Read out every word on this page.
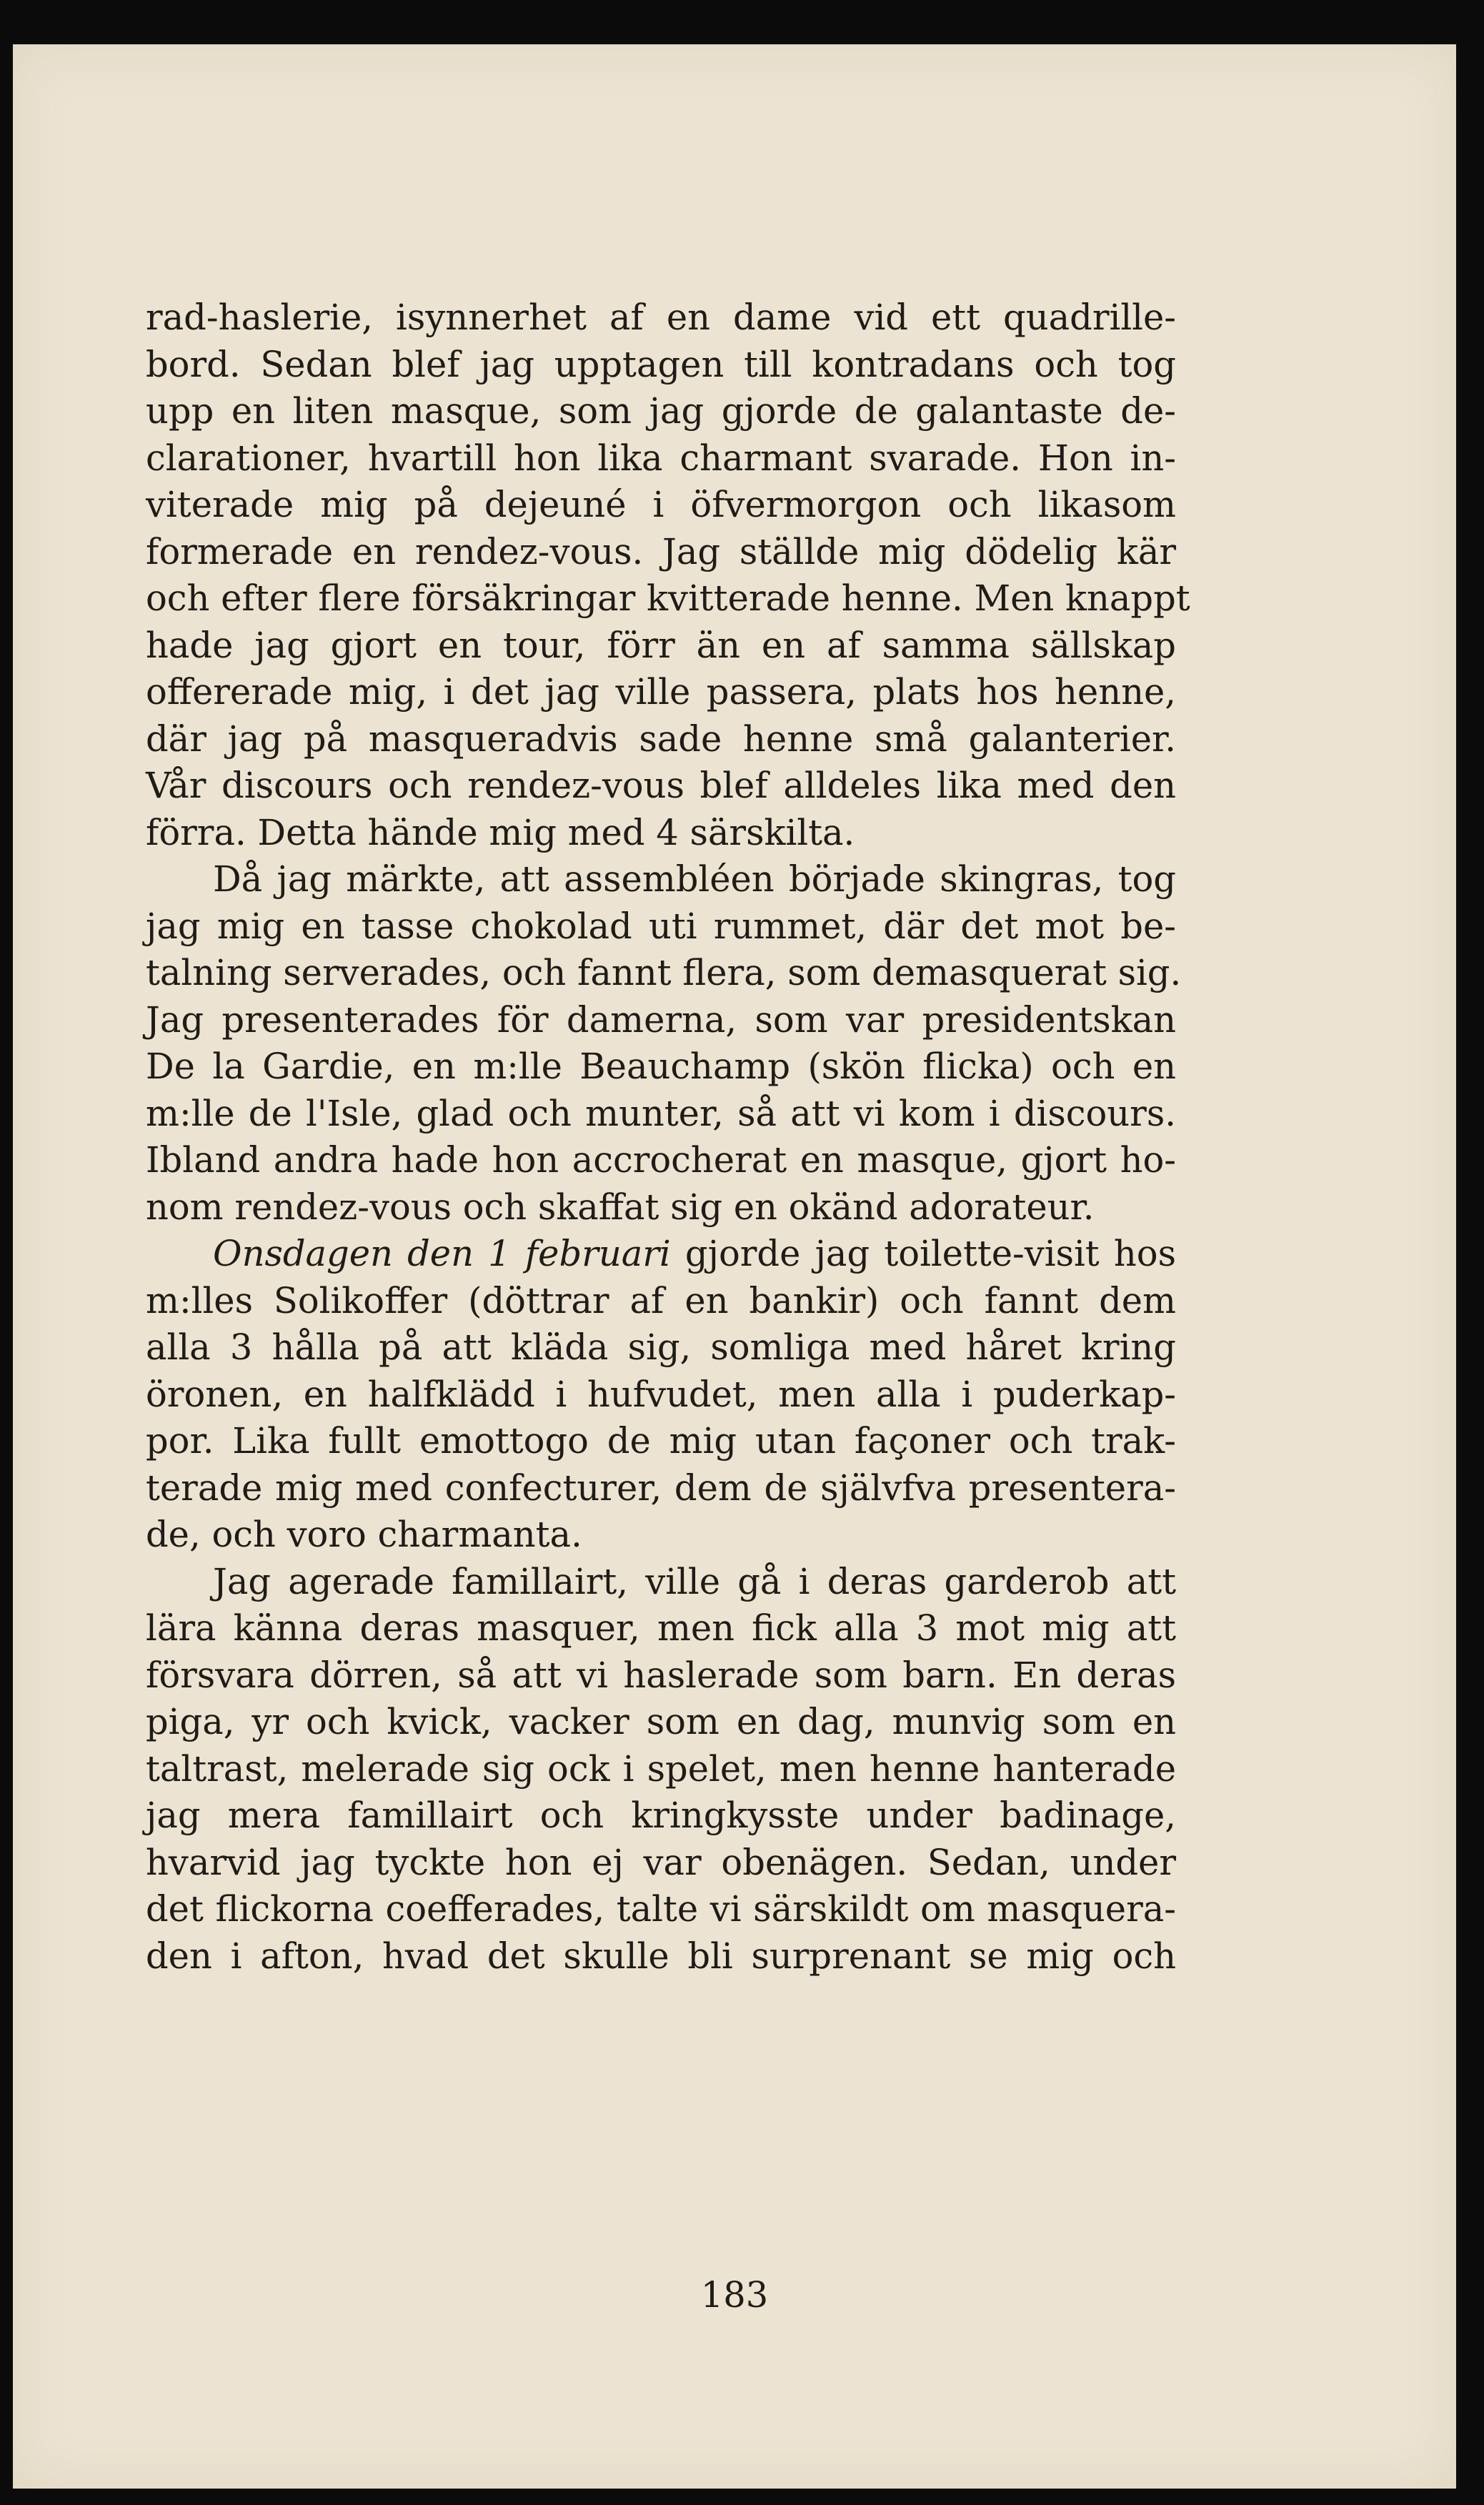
rad-haslerie, isynnerhet af en dame vid ett quadrille-
bord. Sedan blef jag upptagen till kontradans och tog
upp en liten masque, som jag gjorde de galantaste de-
clarationer, hvartill hon lika charmant svarade. Hon in-
viterade mig på dejeuné i öfvermorgon och likasom
formerade en rendez-vous. Jag ställde mig dödelig kär
och efter flere försäkringar kvitterade henne. Men knappt
hade jag gjort en tour, förr än en af samma sällskap
offererade mig, i det jag ville passera, plats hos henne,
där jag på masqueradvis sade henne små galanterier.
Vår discours och rendez-vous blef alldeles lika med den
förra. Detta hände mig med 4 särskilta.
Då jag märkte, att assembléen började skingras, tog
jag mig en tasse chokolad uti rummet, där det mot be-
talning serverades, och fannt flera, som demasquerat sig.
Jag presenterades för damerna, som var presidentskan
De la Gardie, en m:lle Beauchamp (skön flicka) och en
m:lle de l'Isle, glad och munter, så att vi kom i discours.
Ibland andra hade hon accrocherat en masque, gjort ho-
nom rendez-vous och skaffat sig en okänd adorateur.
Onsdagen den 1 februari gjorde jag toilette-visit hos
m:lles Solikoffer (döttrar af en bankir) och fannt dem
alla 3 hålla på att kläda sig, somliga med håret kring
öronen, en halfklädd i hufvudet, men alla i puderkap-
por. Lika fullt emottogo de mig utan façoner och trak-
terade mig med confecturer, dem de självfva presentera-
de, och voro charmanta.
Jag agerade famillairt, ville gå i deras garderob att
lära känna deras masquer, men fick alla 3 mot mig att
försvara dörren, så att vi haslerade som barn. En deras
piga, yr och kvick, vacker som en dag, munvig som en
taltrast, melerade sig ock i spelet, men henne hanterade
jag mera famillairt och kringkysste under badinage,
hvarvid jag tyckte hon ej var obenägen. Sedan, under
det flickorna coefferades, talte vi särskildt om masquera-
den i afton, hvad det skulle bli surprenant se mig och
183
